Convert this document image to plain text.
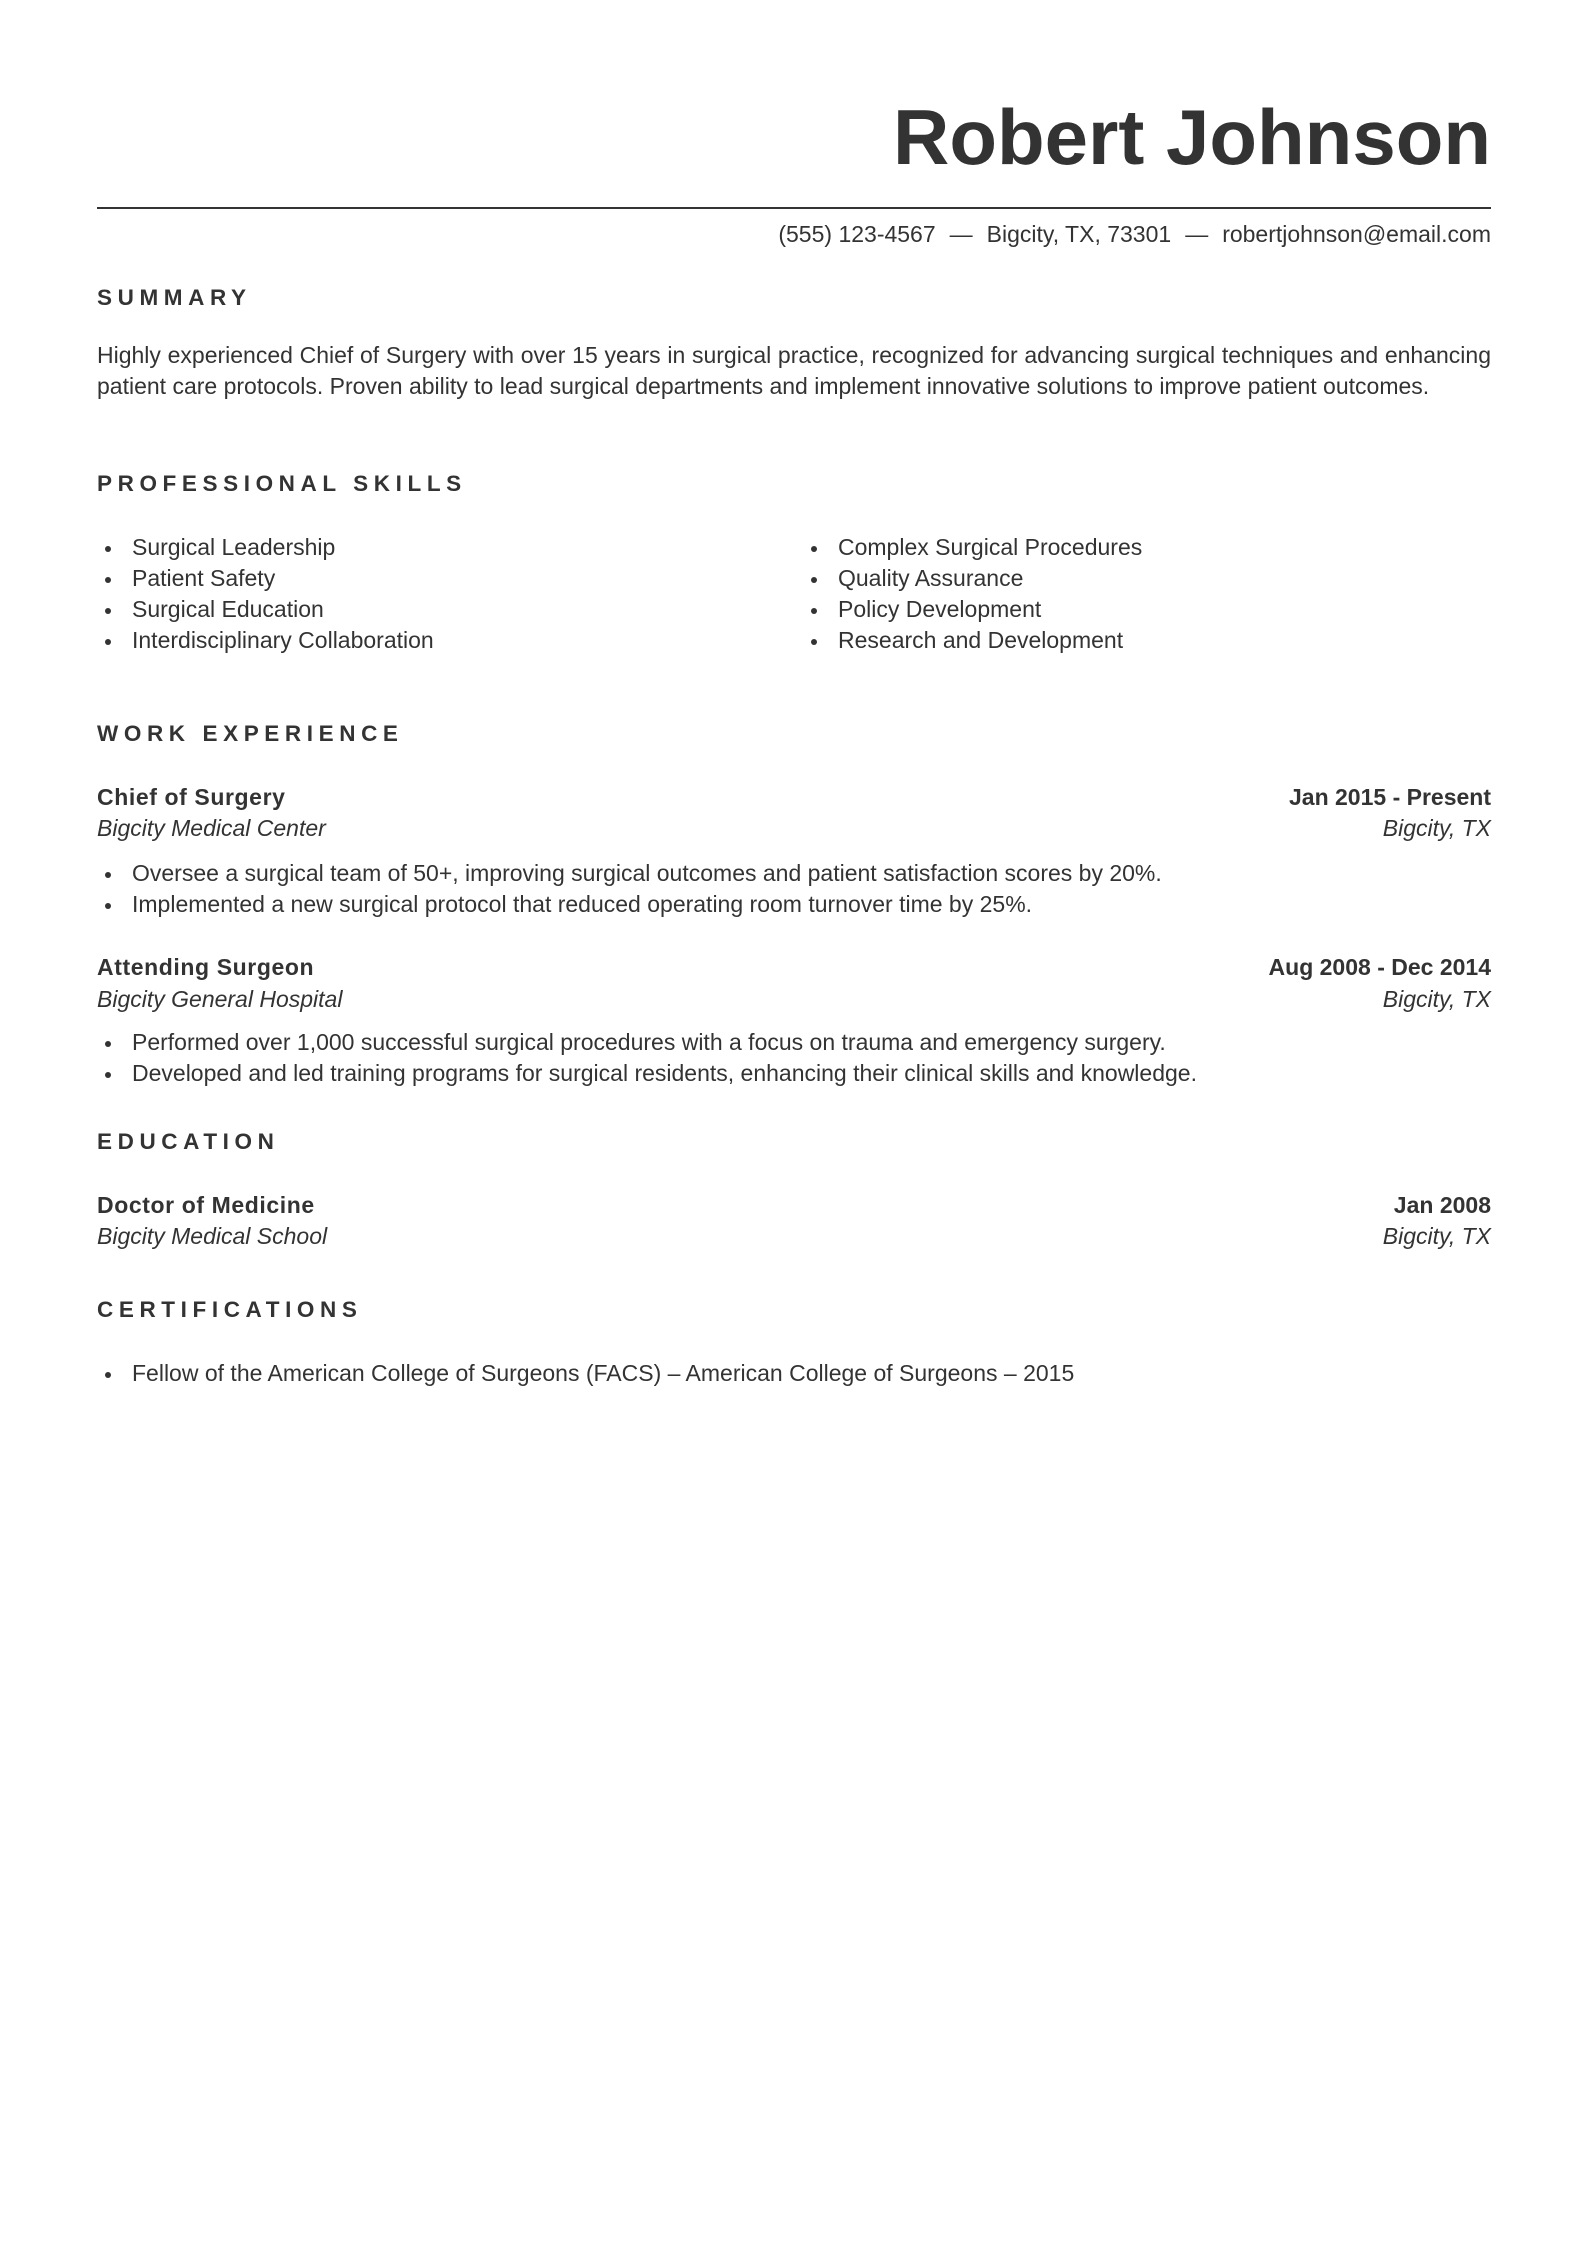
Robert Johnson
(555) 123-4567 — Bigcity, TX, 73301 — robertjohnson@email.com
SUMMARY

Highly experienced Chief of Surgery with over 15 years in surgical practice, recognized for advancing surgical techniques and enhancing patient care protocols. Proven ability to lead surgical departments and implement innovative solutions to improve patient outcomes.

PROFESSIONAL SKILLS
Surgical Leadership
Patient Safety
Surgical Education
Interdisciplinary Collaboration
Complex Surgical Procedures
Quality Assurance
Policy Development
Research and Development
WORK EXPERIENCE
Chief of Surgery	Jan 2015 - Present
Bigcity Medical Center	Bigcity, TX
Oversee a surgical team of 50+, improving surgical outcomes and patient satisfaction scores by 20%.
Implemented a new surgical protocol that reduced operating room turnover time by 25%.
Attending Surgeon	Aug 2008 - Dec 2014
Bigcity General Hospital	Bigcity, TX
Performed over 1,000 successful surgical procedures with a focus on trauma and emergency surgery.
Developed and led training programs for surgical residents, enhancing their clinical skills and knowledge.
EDUCATION
Doctor of Medicine	Jan 2008
Bigcity Medical School	Bigcity, TX
CERTIFICATIONS
Fellow of the American College of Surgeons (FACS) – American College of Surgeons – 2015
